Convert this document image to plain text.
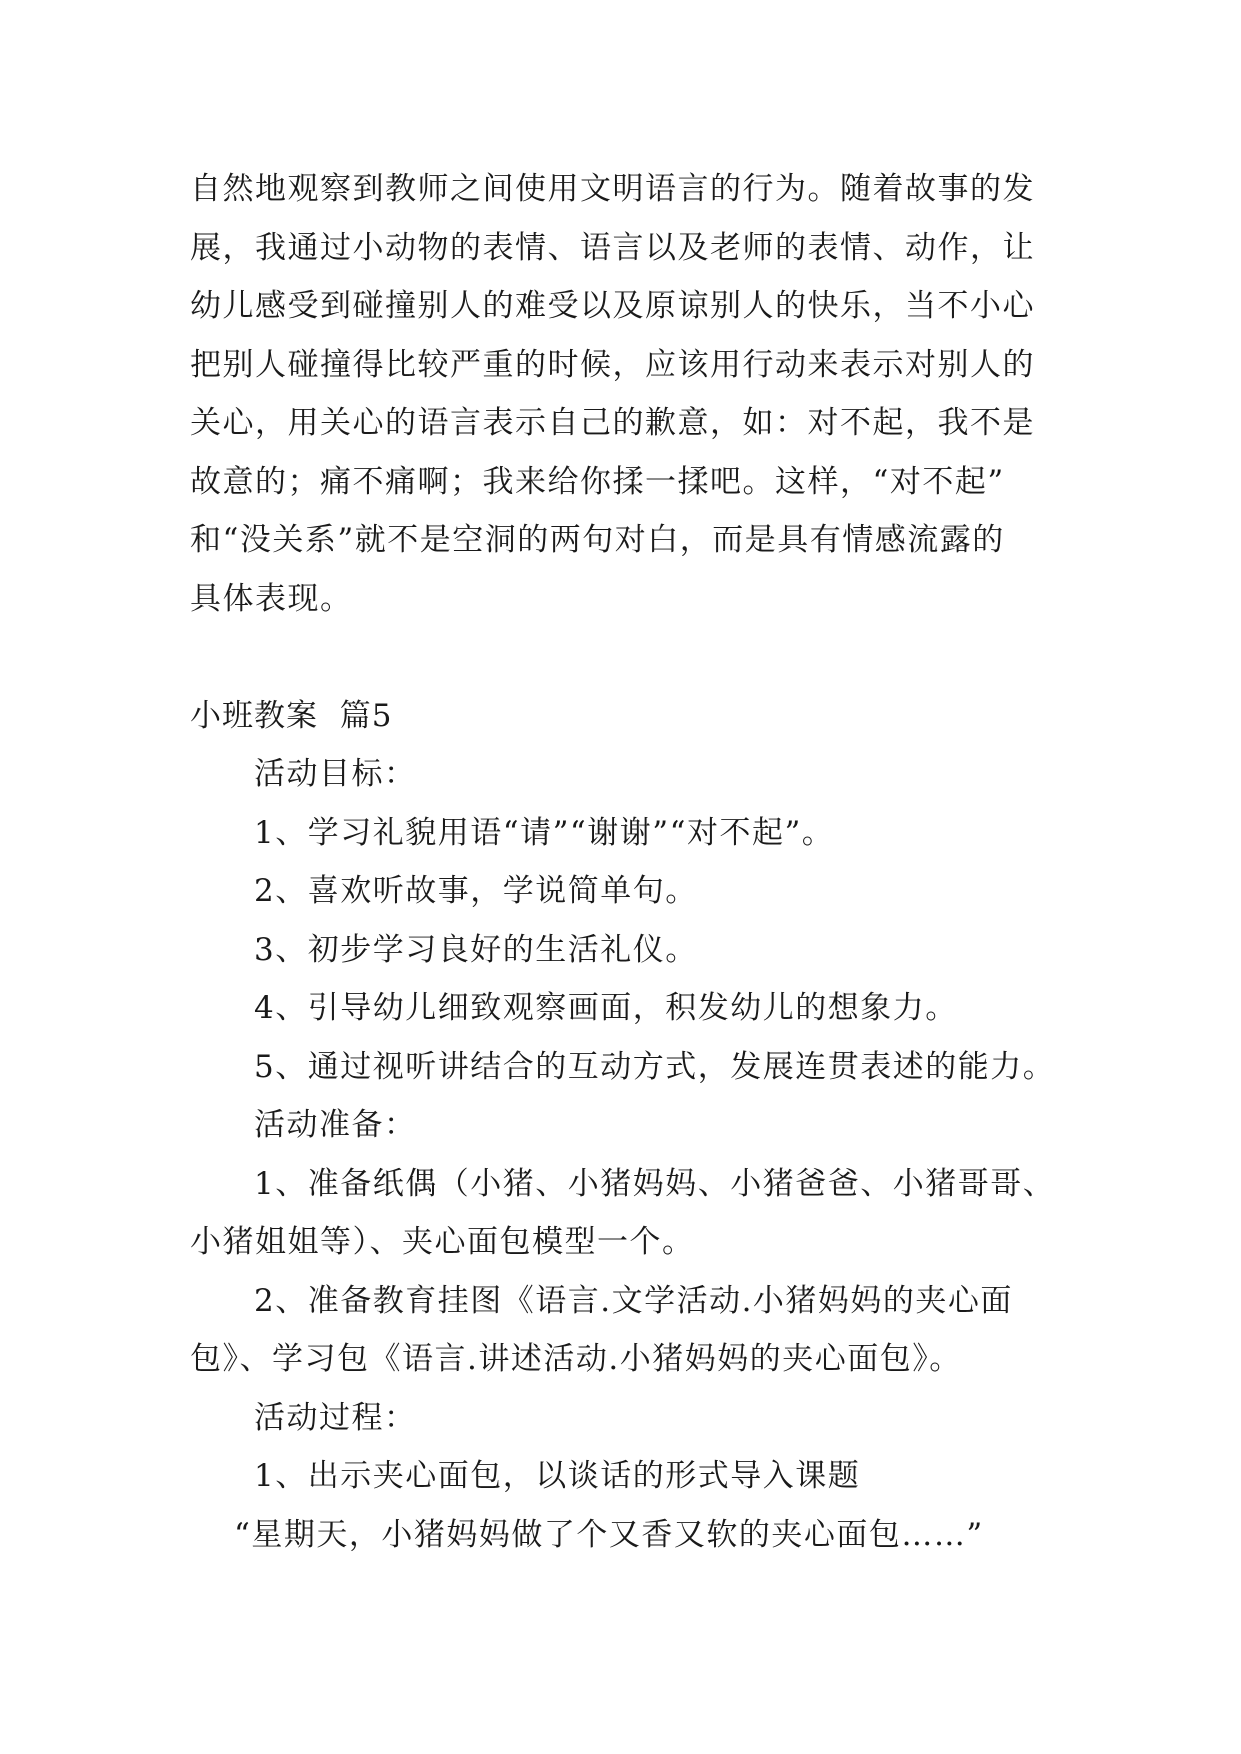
自然地观察到教师之间使用文明语言的行为。随着故事的发
展，我通过小动物的表情、语言以及老师的表情、动作，让
幼儿感受到碰撞别人的难受以及原谅别人的快乐，当不小心
把别人碰撞得比较严重的时候，应该用行动来表示对别人的
关心，用关心的语言表示自己的歉意，如：对不起，我不是
故意的；痛不痛啊；我来给你揉一揉吧。这样，“对不起”
和“没关系”就不是空洞的两句对白，而是具有情感流露的
具体表现。
小班教案  篇5

活动目标：

1、学习礼貌用语“请”“谢谢”“对不起”。

2、喜欢听故事，学说简单句。

3、初步学习良好的生活礼仪。

4、引导幼儿细致观察画面，积发幼儿的想象力。

5、通过视听讲结合的互动方式，发展连贯表述的能力。

活动准备：

1、准备纸偶（小猪、小猪妈妈、小猪爸爸、小猪哥哥、

小猪姐姐等）、夹心面包模型一个。

2、准备教育挂图《语言.文学活动.小猪妈妈的夹心面

包》、学习包《语言.讲述活动.小猪妈妈的夹心面包》。

活动过程：

1、出示夹心面包，以谈话的形式导入课题

“星期天，小猪妈妈做了个又香又软的夹心面包……”
